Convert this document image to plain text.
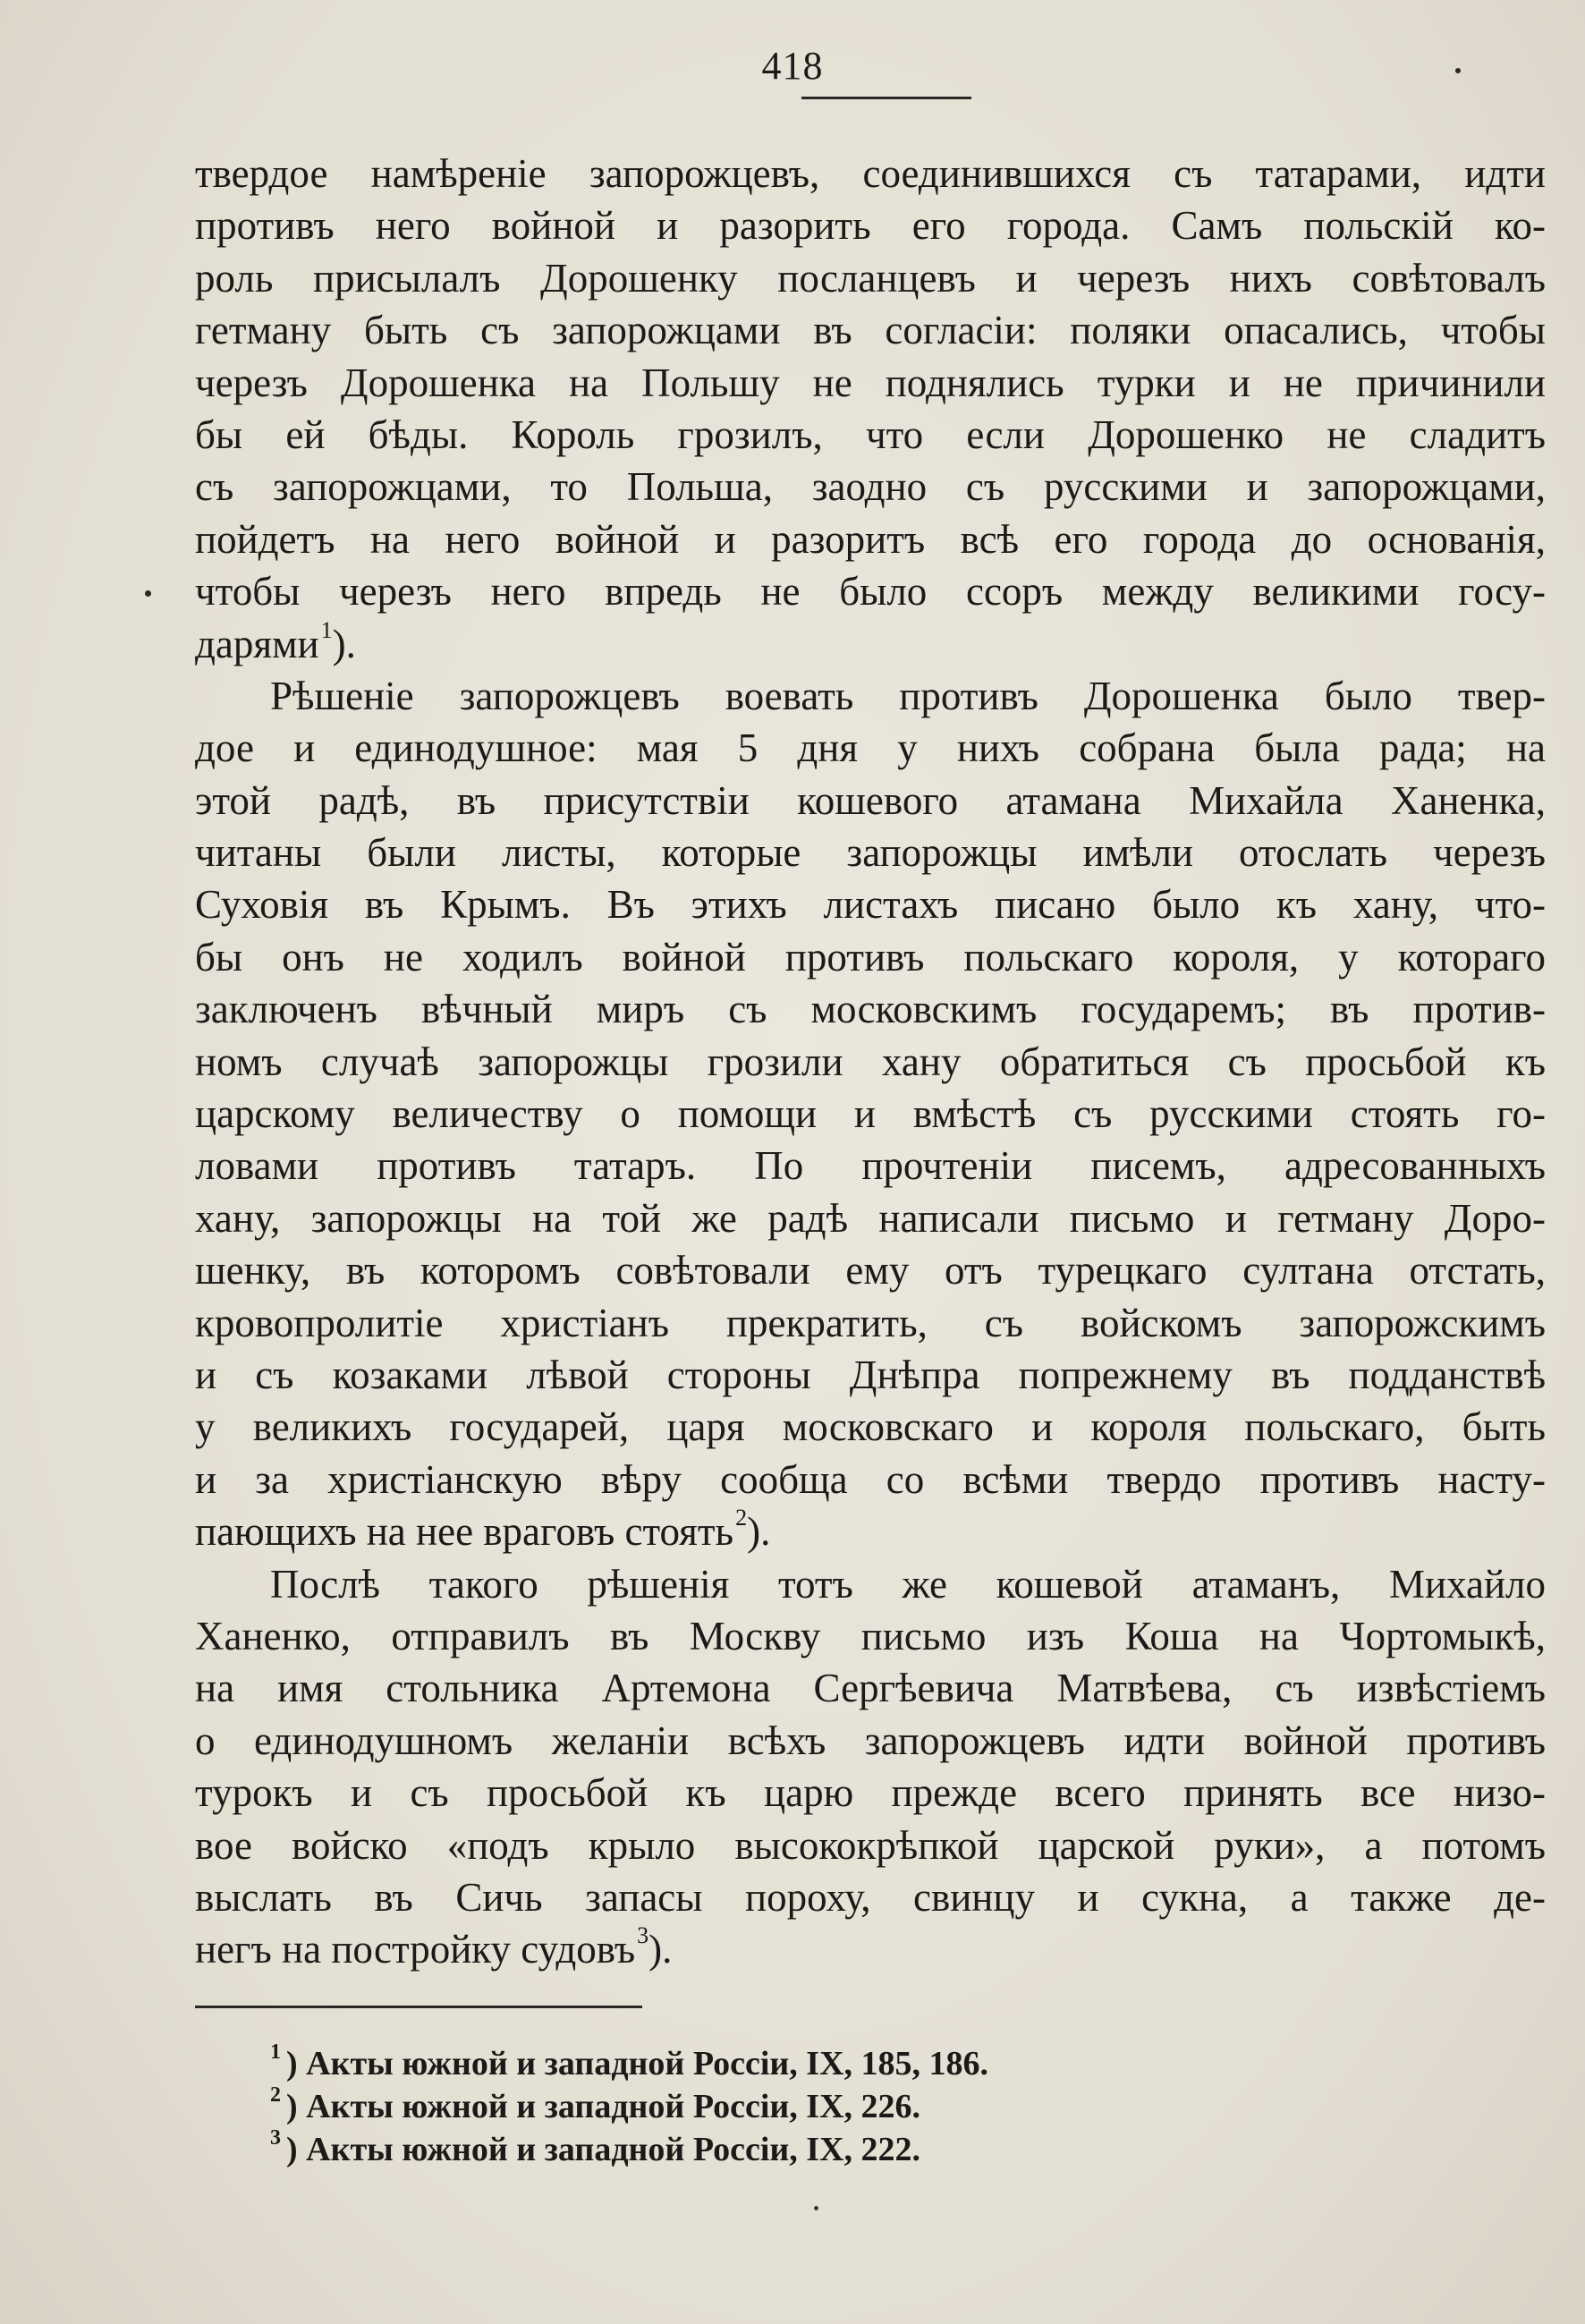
418
твердое намѣреніе запорожцевъ, соединившихся съ татарами, идти
противъ него войной и разорить его города. Самъ польскій ко-
роль присылалъ Дорошенку посланцевъ и черезъ нихъ совѣтовалъ
гетману быть съ запорожцами въ согласіи: поляки опасались, чтобы
черезъ Дорошенка на Польшу не поднялись турки и не причинили
бы ей бѣды. Король грозилъ, что если Дорошенко не сладитъ
съ запорожцами, то Польша, заодно съ русскими и запорожцами,
пойдетъ на него войной и разоритъ всѣ его города до основанія,
чтобы черезъ него впредь не было ссоръ между великими госу-
дарями$^1$).
Рѣшеніе запорожцевъ воевать противъ Дорошенка было твер-
дое и единодушное: мая 5 дня у нихъ собрана была рада; на
этой радѣ, въ присутствіи кошевого атамана Михайла Ханенка,
читаны были листы, которые запорожцы имѣли отослать черезъ
Суховія въ Крымъ. Въ этихъ листахъ писано было къ хану, что-
бы онъ не ходилъ войной противъ польскаго короля, у котораго
заключенъ вѣчный миръ съ московскимъ государемъ; въ против-
номъ случаѣ запорожцы грозили хану обратиться съ просьбой къ
царскому величеству о помощи и вмѣстѣ съ русскими стоять го-
ловами противъ татаръ. По прочтеніи писемъ, адресованныхъ
хану, запорожцы на той же радѣ написали письмо и гетману Доро-
шенку, въ которомъ совѣтовали ему отъ турецкаго султана отстать,
кровопролитіе христіанъ прекратить, съ войскомъ запорожскимъ
и съ козаками лѣвой стороны Днѣпра попрежнему въ подданствѣ
у великихъ государей, царя московскаго и короля польскаго, быть
и за христіанскую вѣру сообща со всѣми твердо противъ насту-
пающихъ на нее враговъ стоять$^2$).
Послѣ такого рѣшенія тотъ же кошевой атаманъ, Михайло
Ханенко, отправилъ въ Москву письмо изъ Коша на Чортомыкѣ,
на имя стольника Артемона Сергѣевича Матвѣева, съ извѣстіемъ
о единодушномъ желаніи всѣхъ запорожцевъ идти войной противъ
турокъ и съ просьбой къ царю прежде всего принять все низо-
вое войско «подъ крыло высококрѣпкой царской руки», а потомъ
выслать въ Сичь запасы пороху, свинцу и сукна, а также де-
негъ на постройку судовъ$^3$).
$^1$ ) Акты южной и западной Россіи, IX, 185, 186.
$^2$ ) Акты южной и западной Россіи, IX, 226.
$^3$ ) Акты южной и западной Россіи, IX, 222.
